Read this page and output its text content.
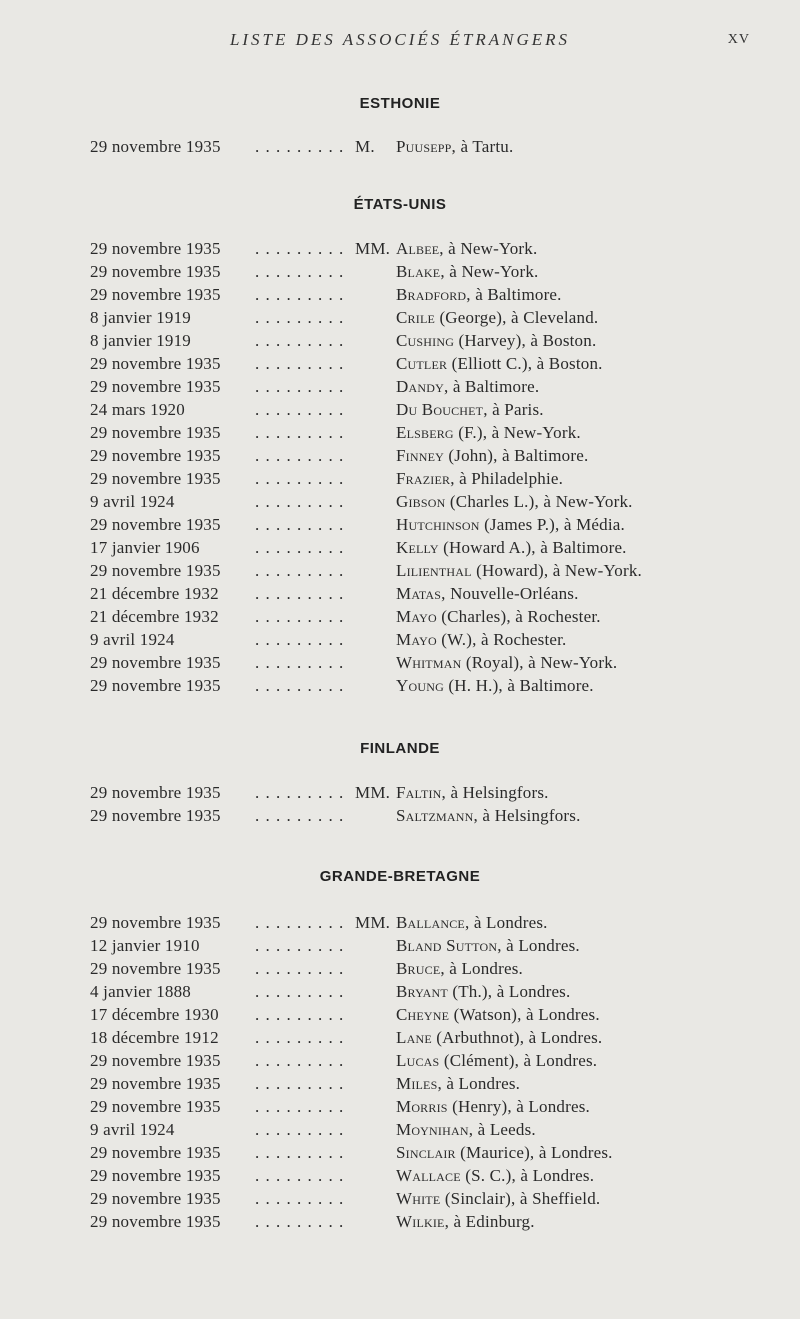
LISTE DES ASSOCIÉS ÉTRANGERS	XV
ESTHONIE
29 novembre 1935 . . .	M. Puusepp, à Tartu.
ÉTATS-UNIS
29 novembre 1935 . . .	MM. Albee, à New-York.
29 novembre 1935 . . .	Blake, à New-York.
29 novembre 1935 . . .	Bradford, à Baltimore.
8 janvier 1919 . . .	Crile (George), à Cleveland.
8 janvier 1919 . . .	Cushing (Harvey), à Boston.
29 novembre 1935 . . .	Cutler (Elliott C.), à Boston.
29 novembre 1935 . . .	Dandy, à Baltimore.
24 mars 1920 . . .	Du Bouchet, à Paris.
29 novembre 1935 . . .	Elsberg (F.), à New-York.
29 novembre 1935 . . .	Finney (John), à Baltimore.
29 novembre 1935 . . .	Frazier, à Philadelphie.
9 avril 1924 . . .	Gibson (Charles L.), à New-York.
29 novembre 1935 . . .	Hutchinson (James P.), à Média.
17 janvier 1906 . . .	Kelly (Howard A.), à Baltimore.
29 novembre 1935 . . .	Lilienthal (Howard), à New-York.
21 décembre 1932 . . .	Matas, Nouvelle-Orléans.
21 décembre 1932 . . .	Mayo (Charles), à Rochester.
9 avril 1924 . . .	Mayo (W.), à Rochester.
29 novembre 1935 . . .	Whitman (Royal), à New-York.
29 novembre 1935 . . .	Young (H. H.), à Baltimore.
FINLANDE
29 novembre 1935 . . .	MM. Faltin, à Helsingfors.
29 novembre 1935 . . .	Saltzmann, à Helsingfors.
GRANDE-BRETAGNE
29 novembre 1935 . . .	MM. Ballance, à Londres.
12 janvier 1910 . . .	Bland Sutton, à Londres.
29 novembre 1935 . . .	Bruce, à Londres.
4 janvier 1888 . . .	Bryant (Th.), à Londres.
17 décembre 1930 . . .	Cheyne (Watson), à Londres.
18 décembre 1912 . . .	Lane (Arbuthnot), à Londres.
29 novembre 1935 . . .	Lucas (Clément), à Londres.
29 novembre 1935 . . .	Miles, à Londres.
29 novembre 1935 . . .	Morris (Henry), à Londres.
9 avril 1924 . . .	Moynihan, à Leeds.
29 novembre 1935 . . .	Sinclair (Maurice), à Londres.
29 novembre 1935 . . .	Wallace (S. C.), à Londres.
29 novembre 1935 . . .	White (Sinclair), à Sheffield.
29 novembre 1935 . . .	Wilkie, à Edinburg.
